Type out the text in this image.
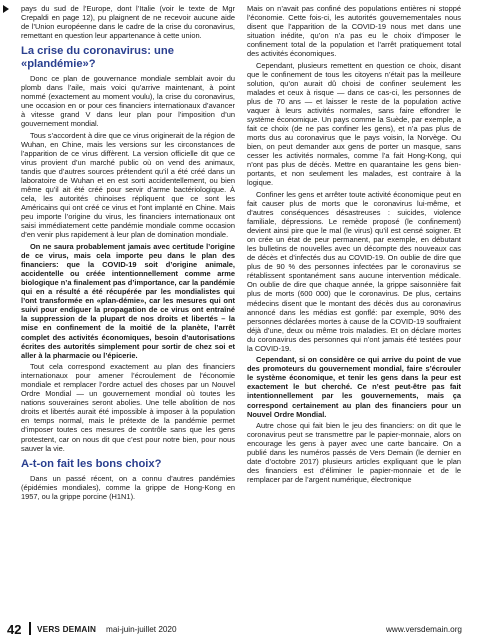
pays du sud de l’Europe, dont l’Italie (voir le texte de Mgr Crepaldi en page 12), pu plaignent de ne recevoir aucune aide de l’Union européenne dans le cadre de la crise du coronavirus, remettant en question leur appartenance à cette union.

La crise du coronavirus: une «plandémie»?

Donc ce plan de gouvernance mondiale semblait avoir du plomb dans l’aile, mais voici qu’arrive maintenant, à point nommé (exactement au moment voulu), la crise du coronavirus, une occasion en or pour ces financiers internationaux d’avancer à vitesse grand V dans leur plan pour l’imposition d’un gouvernement mondial.

Tous s’accordent à dire que ce virus originerait de la région de Wuhan, en Chine, mais les versions sur les circonstances de l’apparition de ce virus diffèrent. La version officielle dit que ce virus provient d’un marché public où on vend des animaux, tandis que d’autres sources prétendent qu’il a été créé dans un laboratoire de Wuhan et en est sorti accidentellement, ou bien même qu’il ait été créé pour servir d’arme bactériologique. À cela, les autorités chinoises répliquent que ce sont les Américains qui ont créé ce virus et l’ont implanté en Chine. Mais peu importe l’origine du virus, les financiers internationaux ont saisi immédiatement cette pandémie mondiale comme occasion d’en venir plus rapidement à leur plan de domination mondiale.

On ne saura probablement jamais avec certitude l’origine de ce virus, mais cela importe peu dans le plan des financiers: que la COVID-19 soit d’origine animale, accidentelle ou créée intentionnellement comme arme biologique n’a finalement pas d’importance, car la pandémie qui en a résulté a été récupérée par les mondialistes qui l’ont transformée en «plan-démie», car les mesures qui ont suivi pour endiguer la propagation de ce virus ont entraîné la suppression de la plupart de nos droits et libertés – la mise en confinement de la moitié de la planète, l’arrêt complet des activités économiques, besoin d’autorisations écrites des autorités simplement pour sortir de chez soi et aller à la pharmacie ou l’épicerie.

Tout cela correspond exactement au plan des financiers internationaux pour amener l’écroulement de l’économie mondiale et remplacer l’ordre actuel des choses par un Nouvel Ordre Mondial — un gouvernement mondial où toutes les nations souveraines seront abolies. Une telle abolition de nos droits et libertés aurait été impossible à imposer à la population en temps normal, mais le prétexte de la pandémie permet d’imposer toutes ces mesures de contrôle sans que les gens protestent, car on nous dit que c’est pour notre bien, pour nous sauver la vie.

A-t-on fait les bons choix?

Dans un passé récent, on a connu d’autres pandémies (épidémies mondiales), comme la grippe de Hong-Kong en 1957, ou la grippe porcine (H1N1).

Mais on n’avait pas confiné des populations entières ni stoppé l’économie. Cette fois-ci, les autorités gouvernementales nous disent que l’apparition de la COVID-19 nous met dans une situation inédite, qu’on n’a pas eu le choix d’imposer le confinement total de la population et l’arrêt pratiquement total des activités économiques.

Cependant, plusieurs remettent en question ce choix, disant que le confinement de tous les citoyens n’était pas la meilleure solution, qu’on aurait dû choisi de confiner seulement les malades et ceux à risque — dans ce cas-ci, les personnes de plus de 70 ans — et laisser le reste de la population active vaquer à leurs activités normales, sans faire effondrer le système économique. Un pays comme la Suède, par exemple, a fait ce choix (de ne pas confiner les gens), et n’a pas plus de morts dus au coronavirus que le pays voisin, la Norvège. Ou bien, on peut demander aux gens de porter un masque, sans cesser les activités normales, comme l’a fait Hong-Kong, qui n’ont pas plus de décès. Mettre en quarantaine les gens bien-portants, et non seulement les malades, est contraire à la logique.

Confiner les gens et arrêter toute activité économique peut en fait causer plus de morts que le coronavirus lui-même, et d’autres conséquences désastreuses : suicides, violence familiale, dépressions. Le remède proposé (le confinement) devient ainsi pire que le mal (le virus) qu’il est censé soigner. Et on crée un état de peur permanent, par exemple, en débutant les bulletins de nouvelles avec un décompte des nouveaux cas de décès et d’infectés dus au COVID-19. On oublie de dire que plus de 90 % des personnes infectées par le coronavirus se rétablissent spontanément sans aucune intervention médicale. On oublie de dire que chaque année, la grippe saisonnière fait plus de morts (600 000) que le coronavirus. De plus, certains médecins disent que le montant des décès dus au coronavirus annoncé dans les médias est gonflé: par exemple, 90% des personnes déclarées mortes à cause de la COVID-19 souffraient déjà d’une, deux ou même trois maladies. Et on déclare mortes du coronavirus des personnes qui n’ont jamais été testées pour la COVID-19.

Cependant, si on considère ce qui arrive du point de vue des promoteurs du gouvernement mondial, faire s’écrouler le système économique, et tenir les gens dans la peur est exactement le but cherché. Ce n’est peut-être pas fait intentionnellement par les gouvernements, mais ça correspond certainement au plan des financiers pour un Nouvel Ordre Mondial.

Autre chose qui fait bien le jeu des financiers: on dit que le coronavirus peut se transmettre par le papier-monnaie, alors on encourage les gens à payer avec une carte bancaire. On a publié dans les numéros passés de Vers Demain (le dernier en date d’octobre 2017) plusieurs articles expliquant que le plan des financiers est d’éliminer le papier-monnaie et de le remplacer par de l’argent numérique, électronique

42 VERS DEMAIN mai-juin-juillet 2020	www.versdemain.org
